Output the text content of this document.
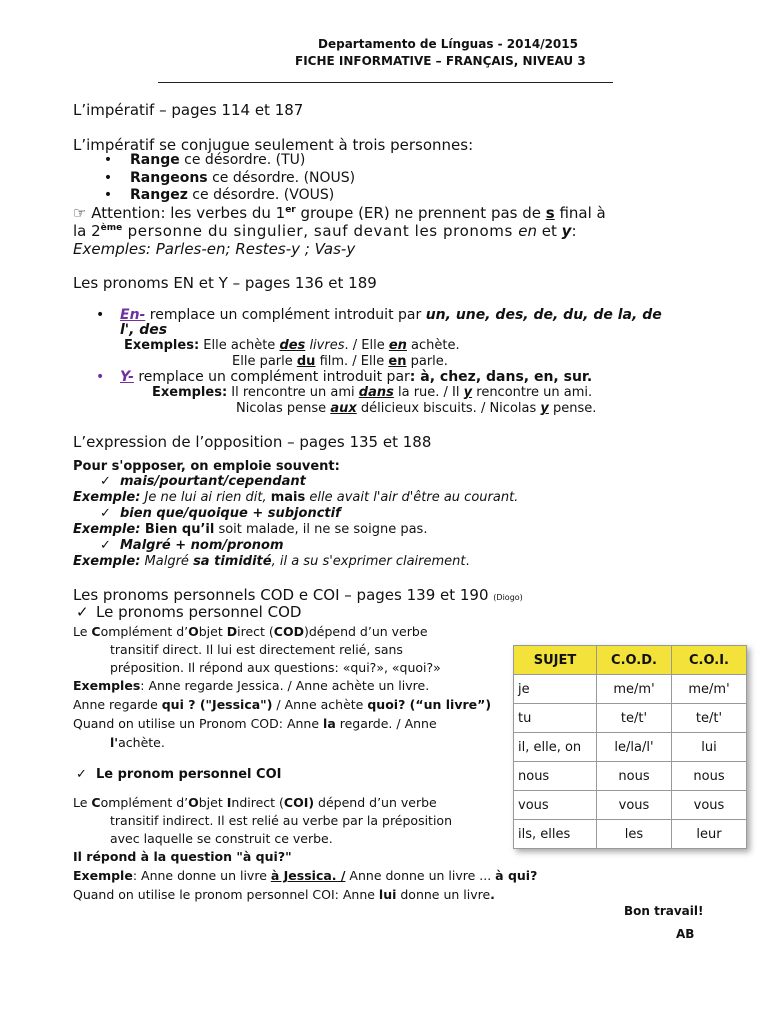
Departamento de Línguas - 2014/2015
FICHE INFORMATIVE – FRANÇAIS, NIVEAU 3
L’impératif – pages 114 et 187
L’impératif se conjugue seulement à trois personnes:
• Range ce désordre. (TU)
• Rangeons ce désordre. (NOUS)
• Rangez ce désordre. (VOUS)
☞ Attention: les verbes du 1er groupe (ER) ne prennent pas de s final à
la 2ème personne du singulier, sauf devant les pronoms en et y:
Exemples: Parles-en; Restes-y ; Vas-y
Les pronoms EN et Y – pages 136 et 189
• En- remplace un complément introduit par un, une, des, de, du, de la, de
l', des
Exemples: Elle achète des livres. / Elle en achète.
Elle parle du film. / Elle en parle.
• Y- remplace un complément introduit par: à, chez, dans, en, sur.
Exemples: Il rencontre un ami dans la rue. / Il y rencontre un ami.
Nicolas pense aux délicieux biscuits. / Nicolas y pense.
L’expression de l’opposition – pages 135 et 188
Pour s'opposer, on emploie souvent:
✓ mais/pourtant/cependant
Exemple: Je ne lui ai rien dit, mais elle avait l'air d'être au courant.
✓ bien que/quoique + subjonctif
Exemple: Bien qu’il soit malade, il ne se soigne pas.
✓ Malgré + nom/pronom
Exemple: Malgré sa timidité, il a su s'exprimer clairement.
Les pronoms personnels COD e COI – pages 139 et 190 (Diogo)
✓ Le pronoms personnel COD
Le Complément d’Objet Direct (COD)dépend d’un verbe
transitif direct. Il lui est directement relié, sans
préposition. Il répond aux questions: «qui?», «quoi?»
Exemples: Anne regarde Jessica. / Anne achète un livre.
Anne regarde qui ? ("Jessica") / Anne achète quoi? (“un livre”)
Quand on utilise un Pronom COD: Anne la regarde. / Anne
l'achète.
✓ Le pronom personnel COI
Le Complément d’Objet Indirect (COI) dépend d’un verbe
transitif indirect. Il est relié au verbe par la préposition
avec laquelle se construit ce verbe.
Il répond à la question "à qui?"
Exemple: Anne donne un livre à Jessica. / Anne donne un livre ... à qui?
Quand on utilise le pronom personnel COI: Anne lui donne un livre.
SUJET	C.O.D.	C.O.I.
je	me/m'	me/m'
tu	te/t'	te/t'
il, elle, on	le/la/l'	lui
nous	nous	nous
vous	vous	vous
ils, elles	les	leur
Bon travail!
AB
